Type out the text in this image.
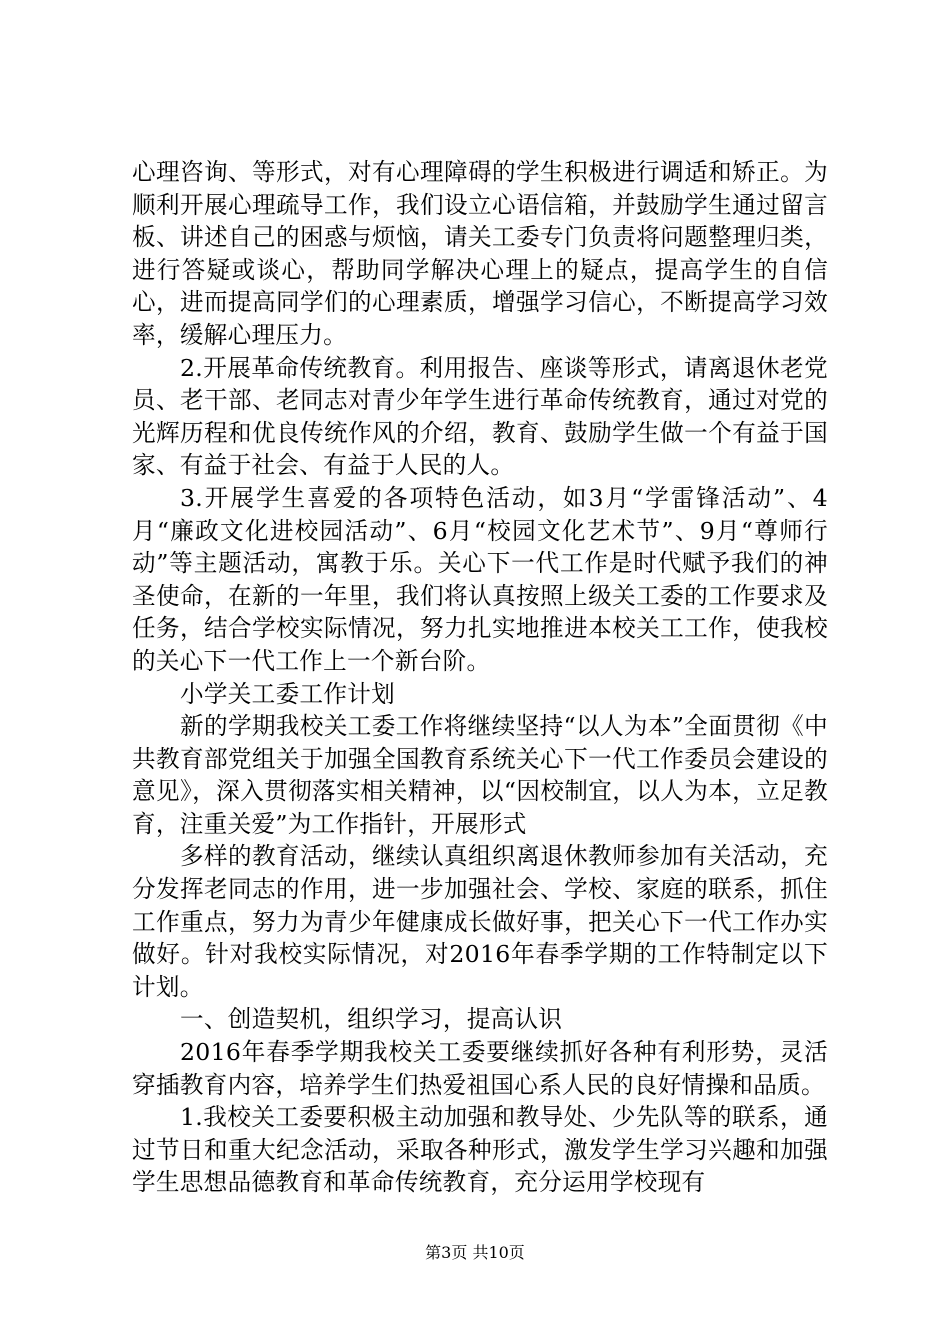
心理咨询、等形式，对有心理障碍的学生积极进行调适和矫正。为顺利开展心理疏导工作，我们设立心语信箱，并鼓励学生通过留言板、讲述自己的困惑与烦恼，请关工委专门负责将问题整理归类，进行答疑或谈心，帮助同学解决心理上的疑点，提高学生的自信心，进而提高同学们的心理素质，增强学习信心，不断提高学习效率，缓解心理压力。

2.开展革命传统教育。利用报告、座谈等形式，请离退休老党员、老干部、老同志对青少年学生进行革命传统教育，通过对党的光辉历程和优良传统作风的介绍，教育、鼓励学生做一个有益于国家、有益于社会、有益于人民的人。

3.开展学生喜爱的各项特色活动，如3月“学雷锋活动”、4月“廉政文化进校园活动”、6月“校园文化艺术节”、9月“尊师行动”等主题活动，寓教于乐。关心下一代工作是时代赋予我们的神圣使命，在新的一年里，我们将认真按照上级关工委的工作要求及任务，结合学校实际情况，努力扎实地推进本校关工工作，使我校的关心下一代工作上一个新台阶。

小学关工委工作计划

新的学期我校关工委工作将继续坚持“以人为本”全面贯彻《中共教育部党组关于加强全国教育系统关心下一代工作委员会建设的意见》，深入贯彻落实相关精神，以“因校制宜，以人为本，立足教育，注重关爱”为工作指针，开展形式

多样的教育活动，继续认真组织离退休教师参加有关活动，充分发挥老同志的作用，进一步加强社会、学校、家庭的联系，抓住工作重点，努力为青少年健康成长做好事，把关心下一代工作办实做好。针对我校实际情况，对2016年春季学期的工作特制定以下计划。

一、创造契机，组织学习，提高认识

2016年春季学期我校关工委要继续抓好各种有利形势，灵活穿插教育内容，培养学生们热爱祖国心系人民的良好情操和品质。

1.我校关工委要积极主动加强和教导处、少先队等的联系，通过节日和重大纪念活动，采取各种形式，激发学生学习兴趣和加强学生思想品德教育和革命传统教育，充分运用学校现有

第3页 共10页
